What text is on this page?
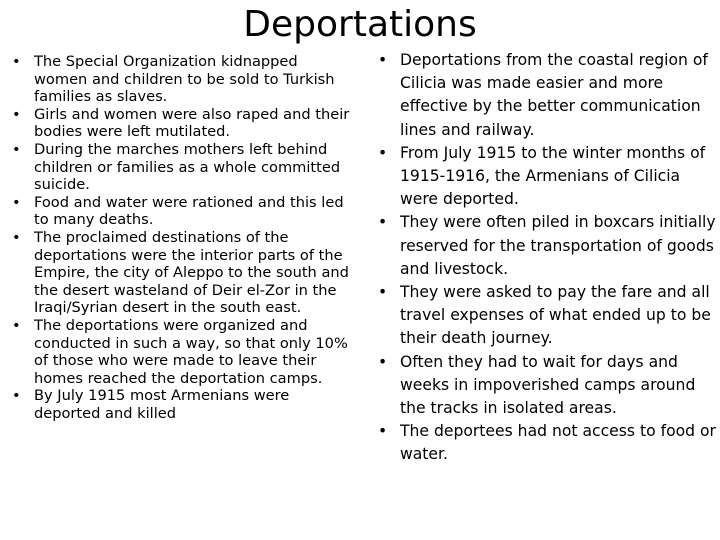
Deportations
• The Special Organization kidnapped women and children to be sold to Turkish families as slaves.
• Girls and women were also raped and their bodies were left mutilated.
• During the marches mothers left behind children or families as a whole committed suicide.
• Food and water were rationed and this led to many deaths.
• The proclaimed destinations of the deportations were the interior parts of the Empire, the city of Aleppo to the south and the desert wasteland of Deir el-Zor in the Iraqi/Syrian desert in the south east.
• The deportations were organized and conducted in such a way, so that only 10% of those who were made to leave their homes reached the deportation camps.
• By July 1915 most Armenians were deported and killed
• Deportations from the coastal region of Cilicia was made easier and more effective by the better communication lines and railway.
• From July 1915 to the winter months of 1915-1916, the Armenians of Cilicia were deported.
• They were often piled in boxcars initially reserved for the transportation of goods and livestock.
• They were asked to pay the fare and all travel expenses of what ended up to be their death journey.
• Often they had to wait for days and weeks in impoverished camps around the tracks in isolated areas.
• The deportees had not access to food or water.
